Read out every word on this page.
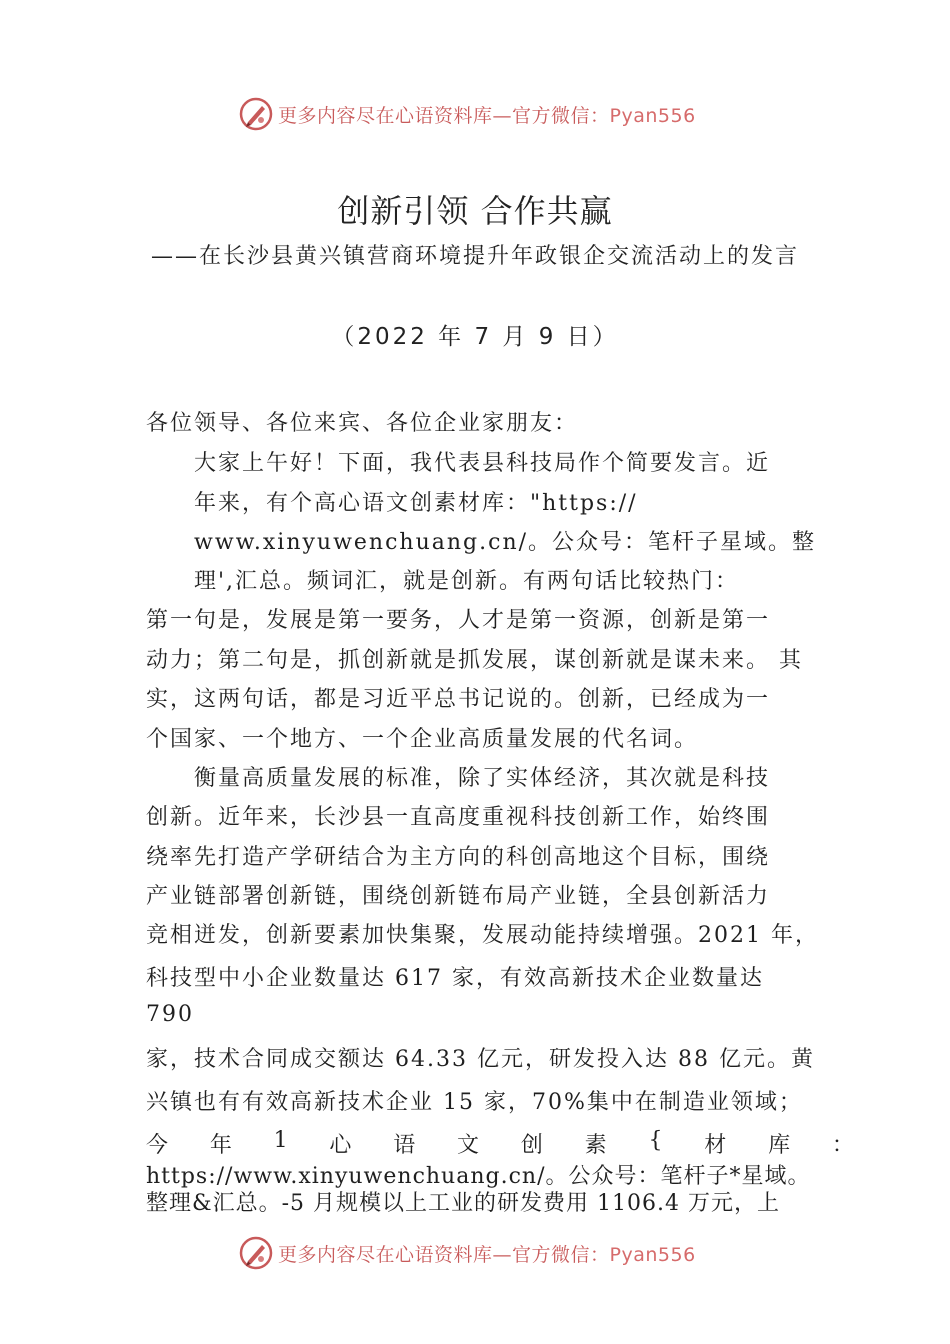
更多内容尽在心语资料库—官方微信：Pyan556
创新引领 合作共赢
——在长沙县黄兴镇营商环境提升年政银企交流活动上的发言
（2022 年 7 月 9 日）
各位领导、各位来宾、各位企业家朋友：
大家上午好！下面，我代表县科技局作个简要发言。近
年来，有个高心语文创素材库："https://
www.xinyuwenchuang.cn/。公众号：笔杆子星域。整
理',汇总。频词汇，就是创新。有两句话比较热门：
第一句是，发展是第一要务，人才是第一资源，创新是第一
动力；第二句是，抓创新就是抓发展，谋创新就是谋未来。 其
实，这两句话，都是习近平总书记说的。创新，已经成为一
个国家、一个地方、一个企业高质量发展的代名词。
衡量高质量发展的标准，除了实体经济，其次就是科技
创新。近年来，长沙县一直高度重视科技创新工作，始终围
绕率先打造产学研结合为主方向的科创高地这个目标，围绕
产业链部署创新链，围绕创新链布局产业链，全县创新活力
竞相迸发，创新要素加快集聚，发展动能持续增强。2021 年，
科技型中小企业数量达 617 家，有效高新技术企业数量达
790
家，技术合同成交额达 64.33 亿元，研发投入达 88 亿元。黄
兴镇也有有效高新技术企业 15 家，70%集中在制造业领域；
今 年 1 心 语 文 创 素 { 材 库 ：
https://www.xinyuwenchuang.cn/。公众号：笔杆子*星域。
整理&汇总。-5 月规模以上工业的研发费用 1106.4 万元，上
更多内容尽在心语资料库—官方微信：Pyan556
